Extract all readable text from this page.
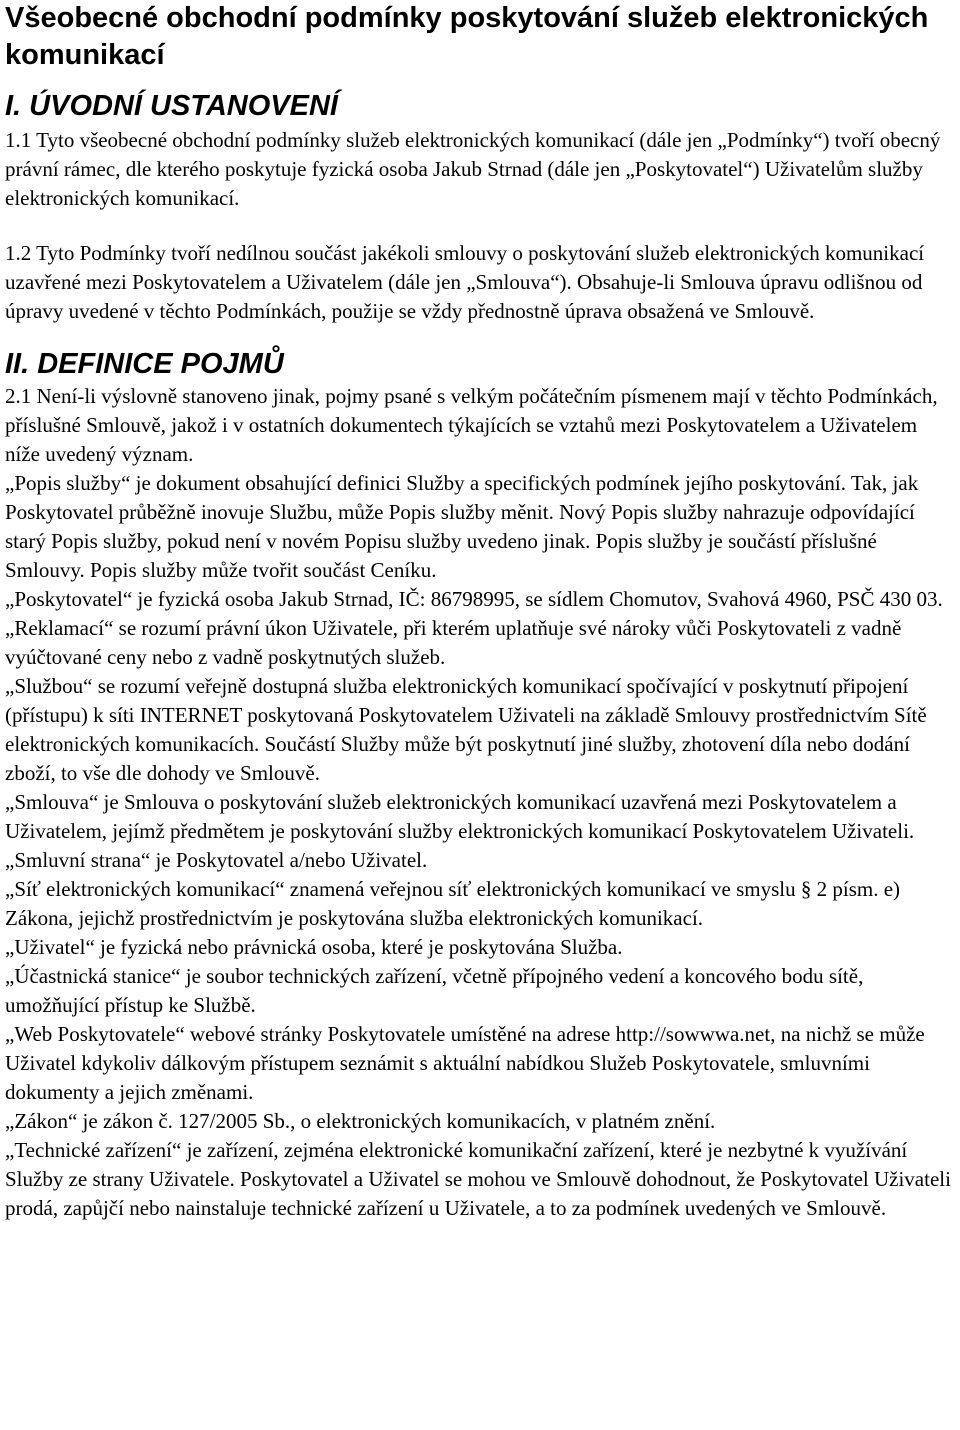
Všeobecné obchodní podmínky poskytování služeb elektronických komunikací
I. ÚVODNÍ USTANOVENÍ

1.1 Tyto všeobecné obchodní podmínky služeb elektronických komunikací (dále jen „Podmínky“) tvoří obecný právní rámec, dle kterého poskytuje fyzická osoba Jakub Strnad (dále jen „Poskytovatel“) Uživatelům služby elektronických komunikací.

1.2 Tyto Podmínky tvoří nedílnou součást jakékoli smlouvy o poskytování služeb elektronických komunikací uzavřené mezi Poskytovatelem a Uživatelem (dále jen „Smlouva“). Obsahuje-li Smlouva úpravu odlišnou od úpravy uvedené v těchto Podmínkách, použije se vždy přednostně úprava obsažená ve Smlouvě.

II. DEFINICE POJMŮ

2.1 Není-li výslovně stanoveno jinak, pojmy psané s velkým počátečním písmenem mají v těchto Podmínkách, příslušné Smlouvě, jakož i v ostatních dokumentech týkajících se vztahů mezi Poskytovatelem a Uživatelem níže uvedený význam.

„Popis služby“ je dokument obsahující definici Služby a specifických podmínek jejího poskytování. Tak, jak Poskytovatel průběžně inovuje Službu, může Popis služby měnit. Nový Popis služby nahrazuje odpovídající starý Popis služby, pokud není v novém Popisu služby uvedeno jinak. Popis služby je součástí příslušné Smlouvy. Popis služby může tvořit součást Ceníku.
„Poskytovatel“ je fyzická osoba Jakub Strnad, IČ: 86798995, se sídlem Chomutov, Svahová 4960, PSČ 430 03.
„Reklamací“ se rozumí právní úkon Uživatele, při kterém uplatňuje své nároky vůči Poskytovateli z vadně vyúčtované ceny nebo z vadně poskytnutých služeb.
„Službou“ se rozumí veřejně dostupná služba elektronických komunikací spočívající v poskytnutí připojení (přístupu) k síti INTERNET poskytovaná Poskytovatelem Uživateli na základě Smlouvy prostřednictvím Sítě elektronických komunikacích. Součástí Služby může být poskytnutí jiné služby, zhotovení díla nebo dodání zboží, to vše dle dohody ve Smlouvě.
„Smlouva“ je Smlouva o poskytování služeb elektronických komunikací uzavřená mezi Poskytovatelem a Uživatelem, jejímž předmětem je poskytování služby elektronických komunikací Poskytovatelem Uživateli.
„Smluvní strana“ je Poskytovatel a/nebo Uživatel.
„Síť elektronických komunikací“ znamená veřejnou síť elektronických komunikací ve smyslu § 2 písm. e) Zákona, jejichž prostřednictvím je poskytována služba elektronických komunikací.
„Uživatel“ je fyzická nebo právnická osoba, které je poskytována Služba.
„Účastnická stanice“ je soubor technických zařízení, včetně přípojného vedení a koncového bodu sítě, umožňující přístup ke Službě.
„Web Poskytovatele“ webové stránky Poskytovatele umístěné na adrese http://sowwwa.net, na nichž se může Uživatel kdykoliv dálkovým přístupem seznámit s aktuální nabídkou Služeb Poskytovatele, smluvními dokumenty a jejich změnami.
„Zákon“ je zákon č. 127/2005 Sb., o elektronických komunikacích, v platném znění.
„Technické zařízení“ je zařízení, zejména elektronické komunikační zařízení, které je nezbytné k využívání Služby ze strany Uživatele. Poskytovatel a Uživatel se mohou ve Smlouvě dohodnout, že Poskytovatel Uživateli prodá, zapůjčí nebo nainstaluje technické zařízení u Uživatele, a to za podmínek uvedených ve Smlouvě.
